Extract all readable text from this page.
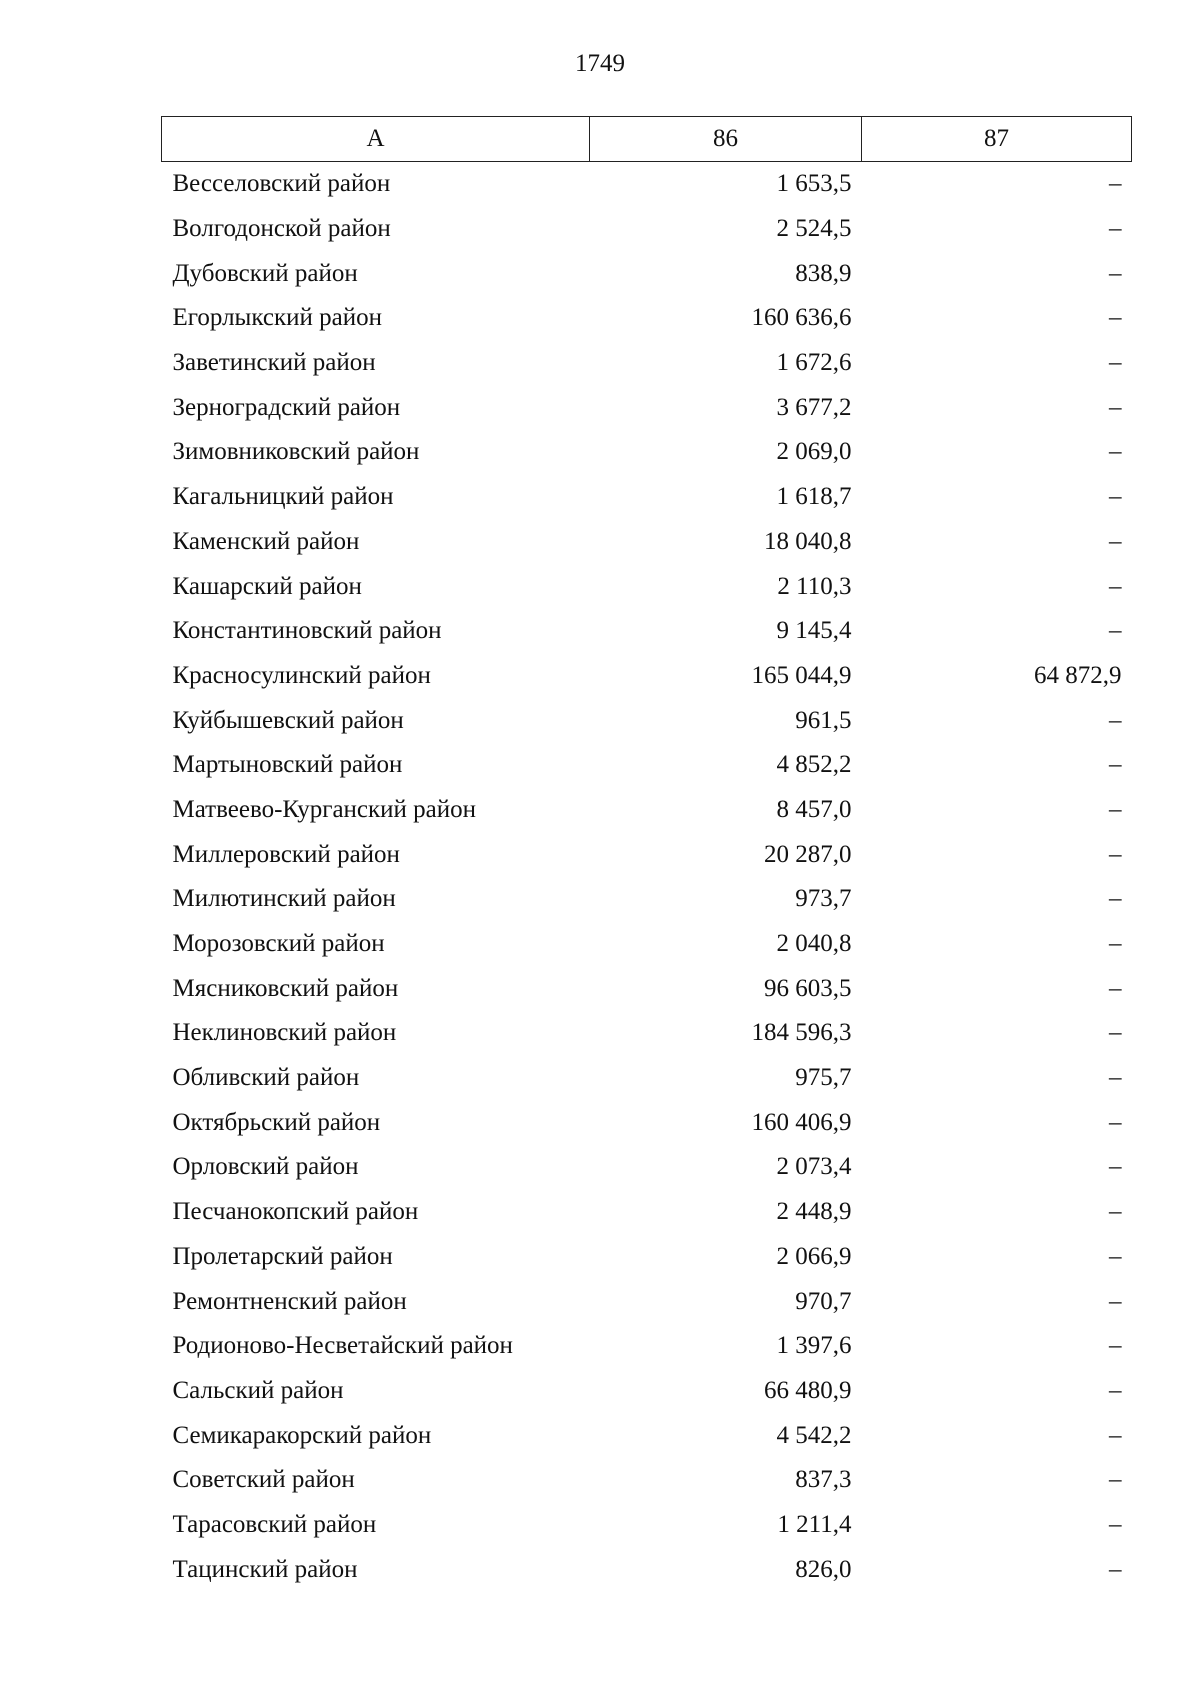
1749
А	86	87
Весселовский район	1 653,5	–
Волгодонской район	2 524,5	–
Дубовский район	838,9	–
Егорлыкский район	160 636,6	–
Заветинский район	1 672,6	–
Зерноградский район	3 677,2	–
Зимовниковский район	2 069,0	–
Кагальницкий район	1 618,7	–
Каменский район	18 040,8	–
Кашарский район	2 110,3	–
Константиновский район	9 145,4	–
Красносулинский район	165 044,9	64 872,9
Куйбышевский район	961,5	–
Мартыновский район	4 852,2	–
Матвеево-Курганский район	8 457,0	–
Миллеровский район	20 287,0	–
Милютинский район	973,7	–
Морозовский район	2 040,8	–
Мясниковский район	96 603,5	–
Неклиновский район	184 596,3	–
Обливский район	975,7	–
Октябрьский район	160 406,9	–
Орловский район	2 073,4	–
Песчанокопский район	2 448,9	–
Пролетарский район	2 066,9	–
Ремонтненский район	970,7	–
Родионово-Несветайский район	1 397,6	–
Сальский район	66 480,9	–
Семикаракорский район	4 542,2	–
Советский район	837,3	–
Тарасовский район	1 211,4	–
Тацинский район	826,0	–
